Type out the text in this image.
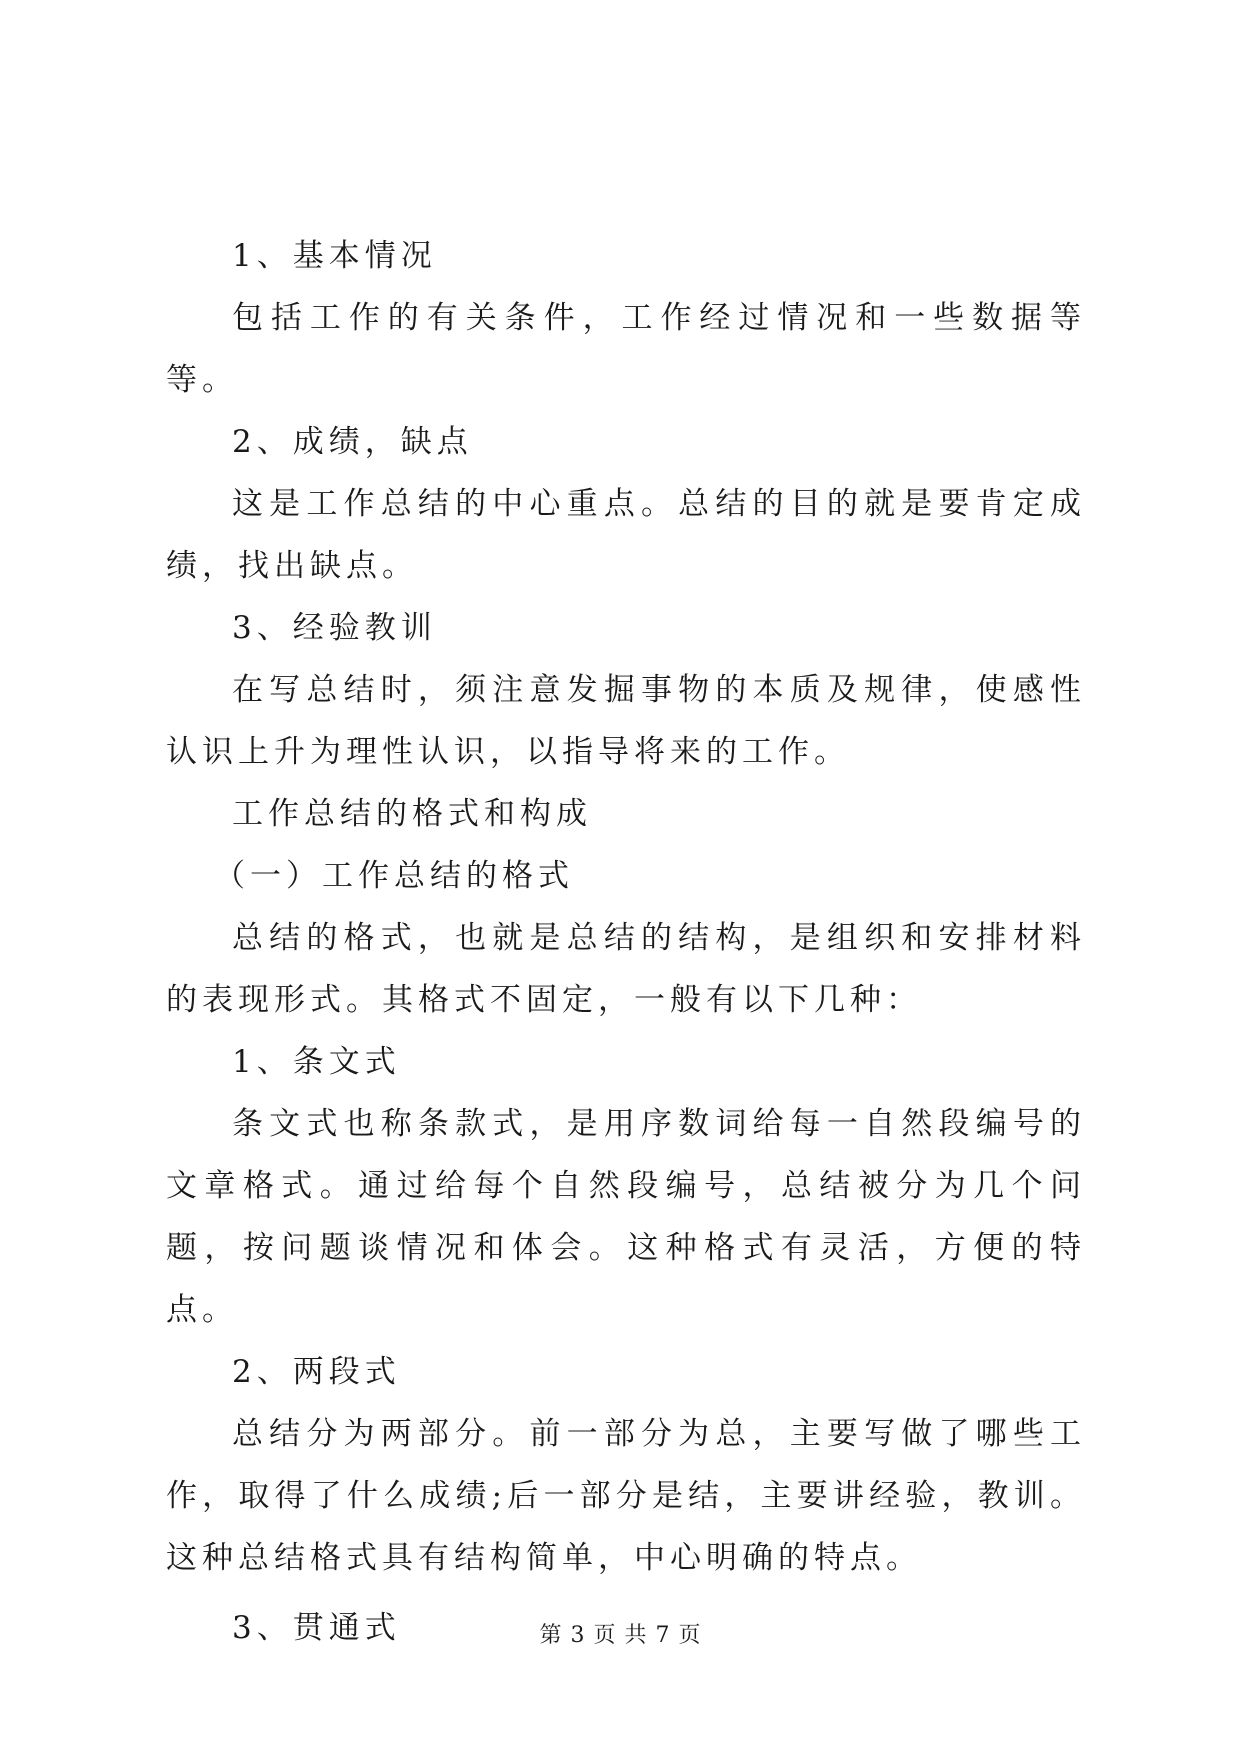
1、基本情况

包括工作的有关条件，工作经过情况和一些数据等等。

2、成绩，缺点

这是工作总结的中心重点。总结的目的就是要肯定成绩，找出缺点。

3、经验教训

在写总结时，须注意发掘事物的本质及规律，使感性认识上升为理性认识，以指导将来的工作。

工作总结的格式和构成

（一）工作总结的格式

总结的格式，也就是总结的结构，是组织和安排材料的表现形式。其格式不固定，一般有以下几种：

1、条文式

条文式也称条款式，是用序数词给每一自然段编号的文章格式。通过给每个自然段编号，总结被分为几个问题，按问题谈情况和体会。这种格式有灵活，方便的特点。

2、两段式

总结分为两部分。前一部分为总，主要写做了哪些工作，取得了什么成绩;后一部分是结，主要讲经验，教训。这种总结格式具有结构简单，中心明确的特点。

3、贯通式	第 3 页 共 7 页
